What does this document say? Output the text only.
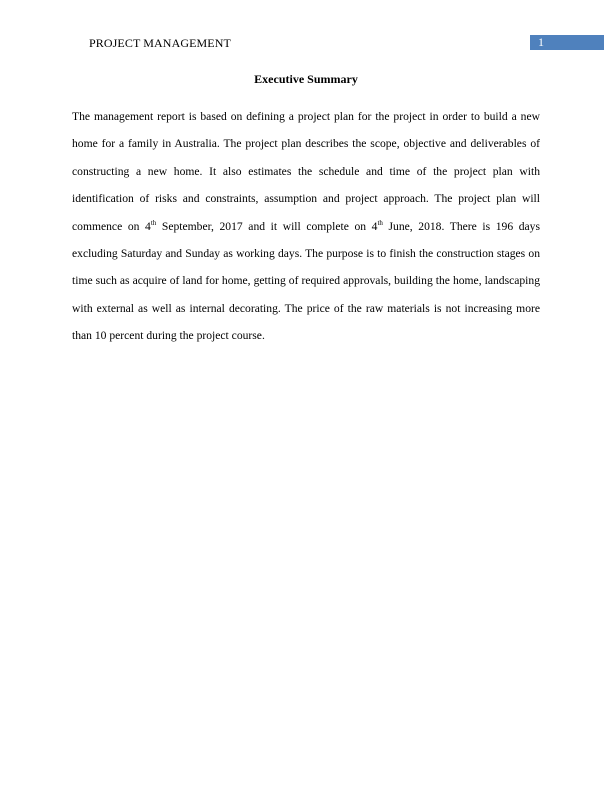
PROJECT MANAGEMENT	1
Executive Summary

The management report is based on defining a project plan for the project in order to build a new home for a family in Australia. The project plan describes the scope, objective and deliverables of constructing a new home. It also estimates the schedule and time of the project plan with identification of risks and constraints, assumption and project approach. The project plan will commence on 4th September, 2017 and it will complete on 4th June, 2018. There is 196 days excluding Saturday and Sunday as working days. The purpose is to finish the construction stages on time such as acquire of land for home, getting of required approvals, building the home, landscaping with external as well as internal decorating. The price of the raw materials is not increasing more than 10 percent during the project course.
